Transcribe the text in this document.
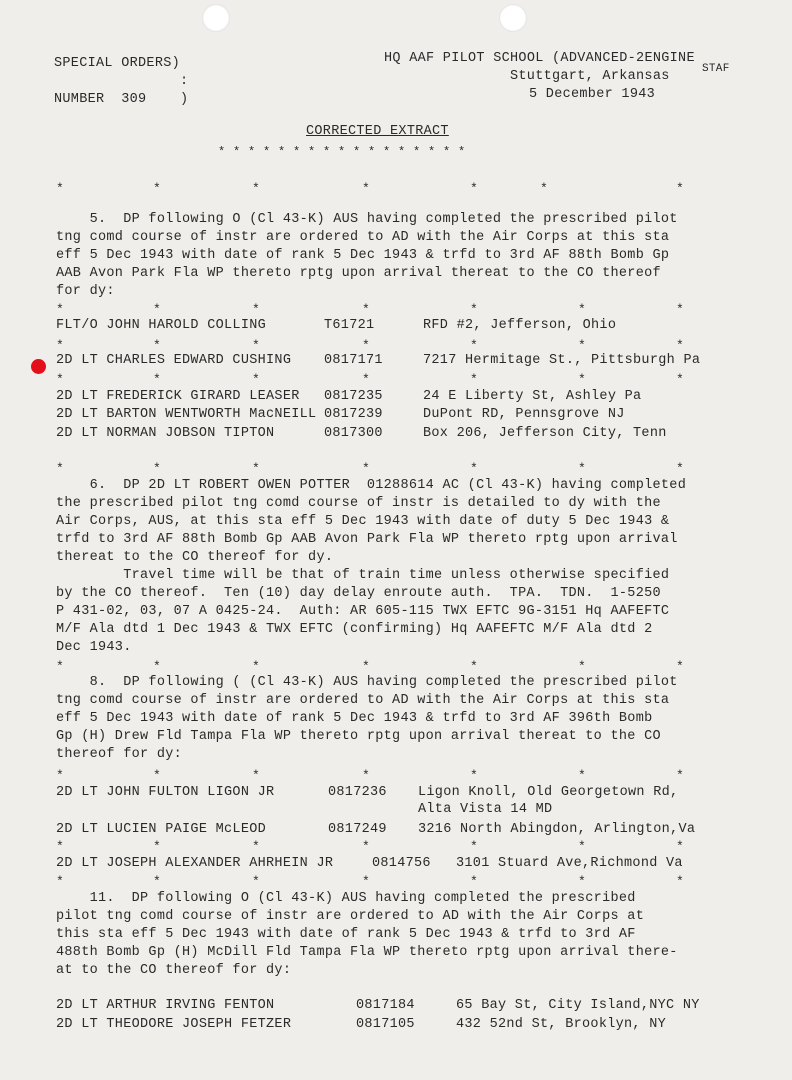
SPECIAL ORDERS)
:
NUMBER  309    )
HQ AAF PILOT SCHOOL (ADVANCED-2ENGINE
STAF
Stuttgart, Arkansas
5 December 1943
CORRECTED EXTRACT
* * * * * * * * * * * * * * * * *
*	*	*	*	*	*	*
5.  DP following O (Cl 43-K) AUS having completed the prescribed pilot
tng comd course of instr are ordered to AD with the Air Corps at this sta
eff 5 Dec 1943 with date of rank 5 Dec 1943 & trfd to 3rd AF 88th Bomb Gp
AAB Avon Park Fla WP thereto rptg upon arrival thereat to the CO thereof
for dy:
*	*	*	*	*	*	*
FLT/O JOHN HAROLD COLLING	T61721	RFD #2, Jefferson, Ohio
*	*	*	*	*	*	*
2D LT CHARLES EDWARD CUSHING 0817171	7217 Hermitage St., Pittsburgh Pa
*	*	*	*	*	*	*
2D LT FREDERICK GIRARD LEASER 0817235	24 E Liberty St, Ashley Pa
2D LT BARTON WENTWORTH MacNEILL 0817239	DuPont RD, Pennsgrove NJ
2D LT NORMAN JOBSON TIPTON	0817300	Box 206, Jefferson City, Tenn
*	*	*	*	*	*	*
6.  DP 2D LT ROBERT OWEN POTTER  01288614 AC (Cl 43-K) having completed
the prescribed pilot tng comd course of instr is detailed to dy with the
Air Corps, AUS, at this sta eff 5 Dec 1943 with date of duty 5 Dec 1943 &
trfd to 3rd AF 88th Bomb Gp AAB Avon Park Fla WP thereto rptg upon arrival
thereat to the CO thereof for dy.
Travel time will be that of train time unless otherwise specified
by the CO thereof.  Ten (10) day delay enroute auth.  TPA.  TDN.  1-5250
P 431-02, 03, 07 A 0425-24.  Auth: AR 605-115 TWX EFTC 9G-3151 Hq AAFEFTC
M/F Ala dtd 1 Dec 1943 & TWX EFTC (confirming) Hq AAFEFTC M/F Ala dtd 2
Dec 1943.
*	*	*	*	*	*	*
8.  DP following ( (Cl 43-K) AUS having completed the prescribed pilot
tng comd course of instr are ordered to AD with the Air Corps at this sta
eff 5 Dec 1943 with date of rank 5 Dec 1943 & trfd to 3rd AF 396th Bomb
Gp (H) Drew Fld Tampa Fla WP thereto rptg upon arrival thereat to the CO
thereof for dy:
*	*	*	*	*	*	*
2D LT JOHN FULTON LIGON JR	0817236 Ligon Knoll, Old Georgetown Rd,
Alta Vista 14 MD
2D LT LUCIEN PAIGE McLEOD	0817249 3216 North Abingdon, Arlington,Va
*	*	*	*	*	*	*
2D LT JOSEPH ALEXANDER AHRHEIN JR	0814756 3101 Stuard Ave,Richmond Va
*	*	*	*	*	*	*
11.  DP following O (Cl 43-K) AUS having completed the prescribed
pilot tng comd course of instr are ordered to AD with the Air Corps at
this sta eff 5 Dec 1943 with date of rank 5 Dec 1943 & trfd to 3rd AF
488th Bomb Gp (H) McDill Fld Tampa Fla WP thereto rptg upon arrival there-
at to the CO thereof for dy:
2D LT ARTHUR IRVING FENTON	0817184	65 Bay St, City Island,NYC NY
2D LT THEODORE JOSEPH FETZER	0817105	432 52nd St, Brooklyn, NY
